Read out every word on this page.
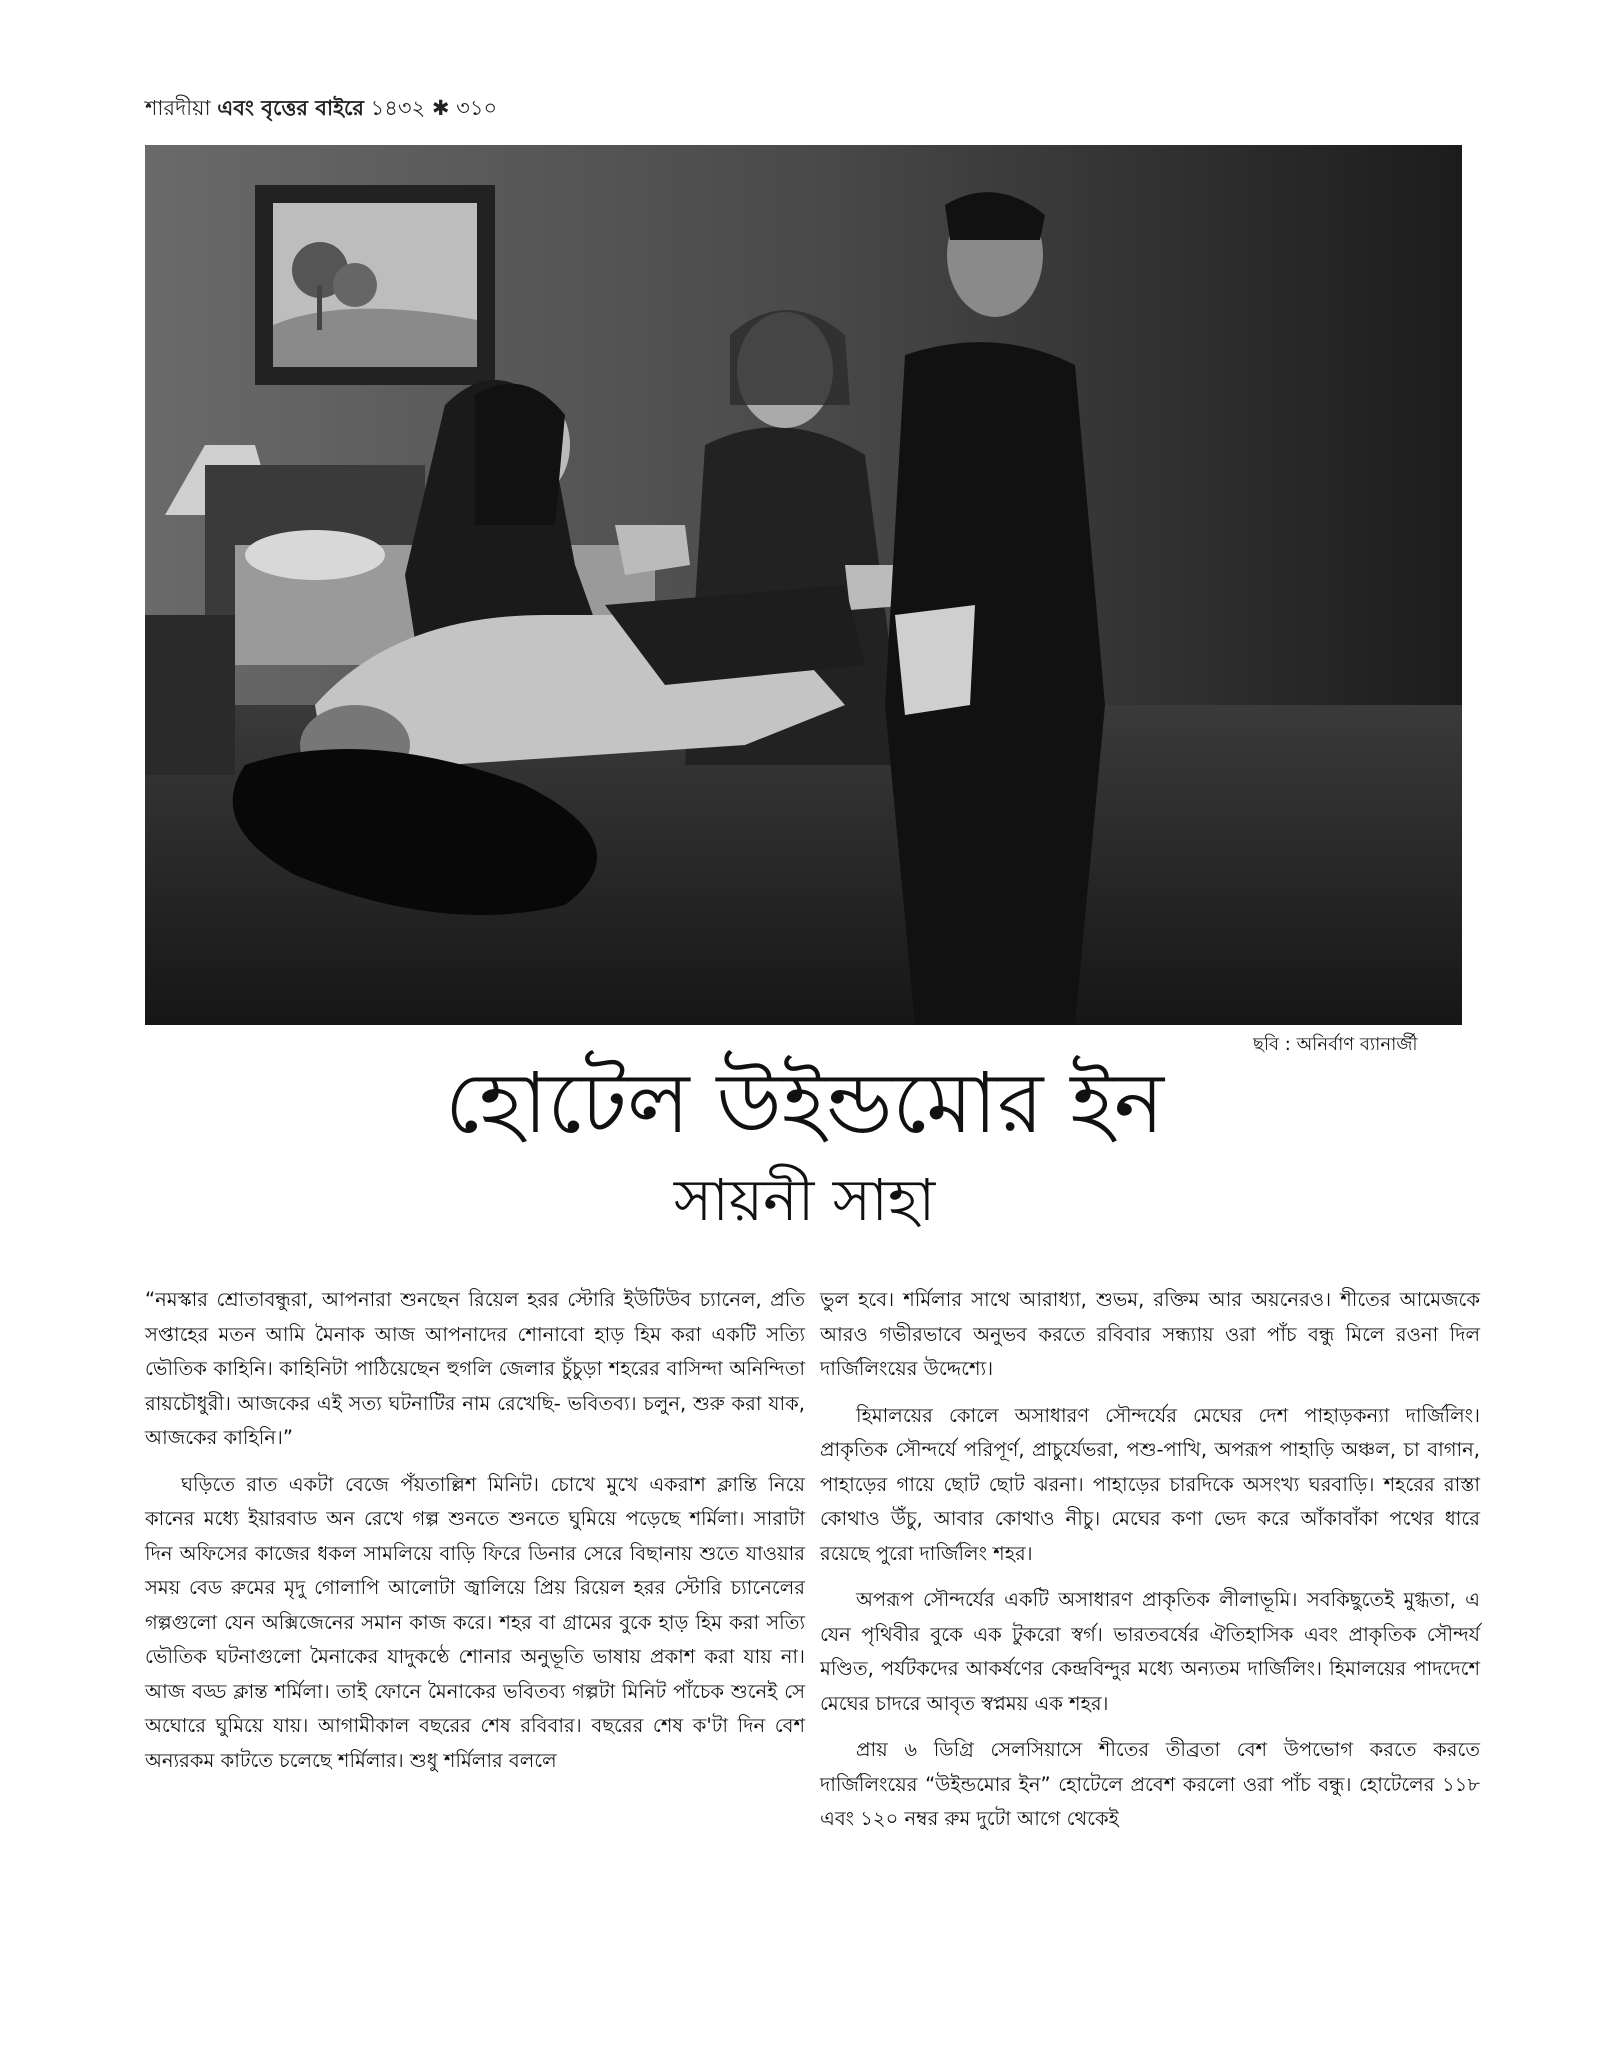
শারদীয়া এবং বৃত্তের বাইরে ১৪৩২ ✱ ৩১০
ছবি : অনির্বাণ ব্যানার্জী
হোটেল উইন্ডমোর ইন
সায়নী সাহা

“নমস্কার শ্রোতাবন্ধুরা, আপনারা শুনছেন রিয়েল হরর স্টোরি ইউটিউব চ্যানেল, প্রতি সপ্তাহের মতন আমি মৈনাক আজ আপনাদের শোনাবো হাড় হিম করা একটি সত্যি ভৌতিক কাহিনি। কাহিনিটা পাঠিয়েছেন হুগলি জেলার চুঁচুড়া শহরের বাসিন্দা অনিন্দিতা রায়চৌধুরী। আজকের এই সত্য ঘটনাটির নাম রেখেছি- ভবিতব্য। চলুন, শুরু করা যাক, আজকের কাহিনি।”

ঘড়িতে রাত একটা বেজে পঁয়তাল্লিশ মিনিট। চোখে মুখে একরাশ ক্লান্তি নিয়ে কানের মধ্যে ইয়ারবাড অন রেখে গল্প শুনতে শুনতে ঘুমিয়ে পড়েছে শর্মিলা। সারাটা দিন অফিসের কাজের ধকল সামলিয়ে বাড়ি ফিরে ডিনার সেরে বিছানায় শুতে যাওয়ার সময় বেড রুমের মৃদু গোলাপি আলোটা জ্বালিয়ে প্রিয় রিয়েল হরর স্টোরি চ্যানেলের গল্পগুলো যেন অক্সিজেনের সমান কাজ করে। শহর বা গ্রামের বুকে হাড় হিম করা সত্যি ভৌতিক ঘটনাগুলো মৈনাকের যাদুকণ্ঠে শোনার অনুভূতি ভাষায় প্রকাশ করা যায় না। আজ বড্ড ক্লান্ত শর্মিলা। তাই ফোনে মৈনাকের ভবিতব্য গল্পটা মিনিট পাঁচেক শুনেই সে অঘোরে ঘুমিয়ে যায়। আগামীকাল বছরের শেষ রবিবার। বছরের শেষ ক'টা দিন বেশ অন্যরকম কাটতে চলেছে শর্মিলার। শুধু শর্মিলার বললে

ভুল হবে। শর্মিলার সাথে আরাধ্যা, শুভম, রক্তিম আর অয়নেরও। শীতের আমেজকে আরও গভীরভাবে অনুভব করতে রবিবার সন্ধ্যায় ওরা পাঁচ বন্ধু মিলে রওনা দিল দার্জিলিংয়ের উদ্দেশ্যে।

হিমালয়ের কোলে অসাধারণ সৌন্দর্যের মেঘের দেশ পাহাড়কন্যা দার্জিলিং। প্রাকৃতিক সৌন্দর্যে পরিপূর্ণ, প্রাচুর্যেভরা, পশু-পাখি, অপরূপ পাহাড়ি অঞ্চল, চা বাগান, পাহাড়ের গায়ে ছোট ছোট ঝরনা। পাহাড়ের চারদিকে অসংখ্য ঘরবাড়ি। শহরের রাস্তা কোথাও উঁচু, আবার কোথাও নীচু। মেঘের কণা ভেদ করে আঁকাবাঁকা পথের ধারে রয়েছে পুরো দার্জিলিং শহর।

অপরূপ সৌন্দর্যের একটি অসাধারণ প্রাকৃতিক লীলাভূমি। সবকিছুতেই মুগ্ধতা, এ যেন পৃথিবীর বুকে এক টুকরো স্বর্গ। ভারতবর্ষের ঐতিহাসিক এবং প্রাকৃতিক সৌন্দর্য মণ্ডিত, পর্যটকদের আকর্ষণের কেন্দ্রবিন্দুর মধ্যে অন্যতম দার্জিলিং। হিমালয়ের পাদদেশে মেঘের চাদরে আবৃত স্বপ্নময় এক শহর।

প্রায় ৬ ডিগ্রি সেলসিয়াসে শীতের তীব্রতা বেশ উপভোগ করতে করতে দার্জিলিংয়ের “উইন্ডমোর ইন” হোটেলে প্রবেশ করলো ওরা পাঁচ বন্ধু। হোটেলের ১১৮ এবং ১২০ নম্বর রুম দুটো আগে থেকেই
